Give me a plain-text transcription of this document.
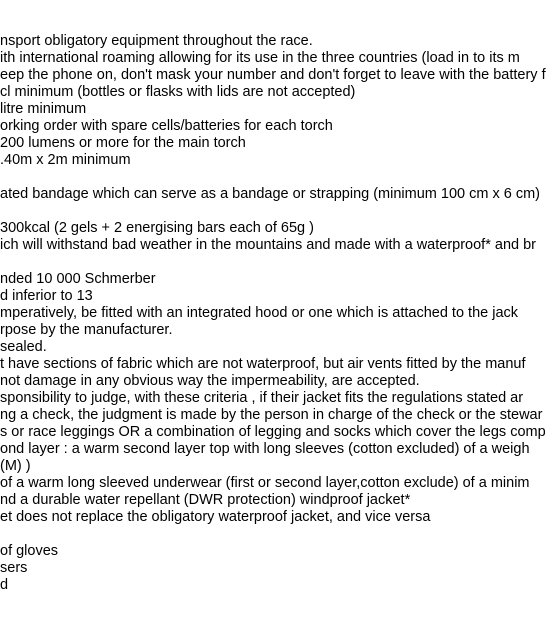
nsport obligatory equipment throughout the race.
ith international roaming allowing for its use in the three countries (load in to its m
eep the phone on, don't mask your number and don't forget to leave with the battery f
cl minimum (bottles or flasks with lids are not accepted)
litre minimum
orking order with spare cells/batteries for each torch
200 lumens or more for the main torch
.40m x 2m minimum
ated bandage which can serve as a bandage or strapping (minimum 100 cm x 6 cm)
300kcal (2 gels + 2 energising bars each of 65g )
ich will withstand bad weather in the mountains and made with a waterproof* and br
nded 10 000 Schmerber
d inferior to 13
mperatively, be fitted with an integrated hood or one which is attached to the jack
rpose by the manufacturer.
sealed.
t have sections of fabric which are not waterproof, but air vents fitted by the manuf
not damage in any obvious way the impermeability, are accepted.
sponsibility to judge, with these criteria , if their jacket fits the regulations stated ar
ng a check, the judgment is made by the person in charge of the check or the stewar
s or race leggings OR a combination of legging and socks which cover the legs comp
ond layer : a warm second layer top with long sleeves (cotton excluded) of a weigh
(M) )
of a warm long sleeved underwear (first or second layer,cotton exclude) of a minim
nd a durable water repellant (DWR protection) windproof jacket*
et does not replace the obligatory waterproof jacket, and vice versa
of gloves
sers
d
